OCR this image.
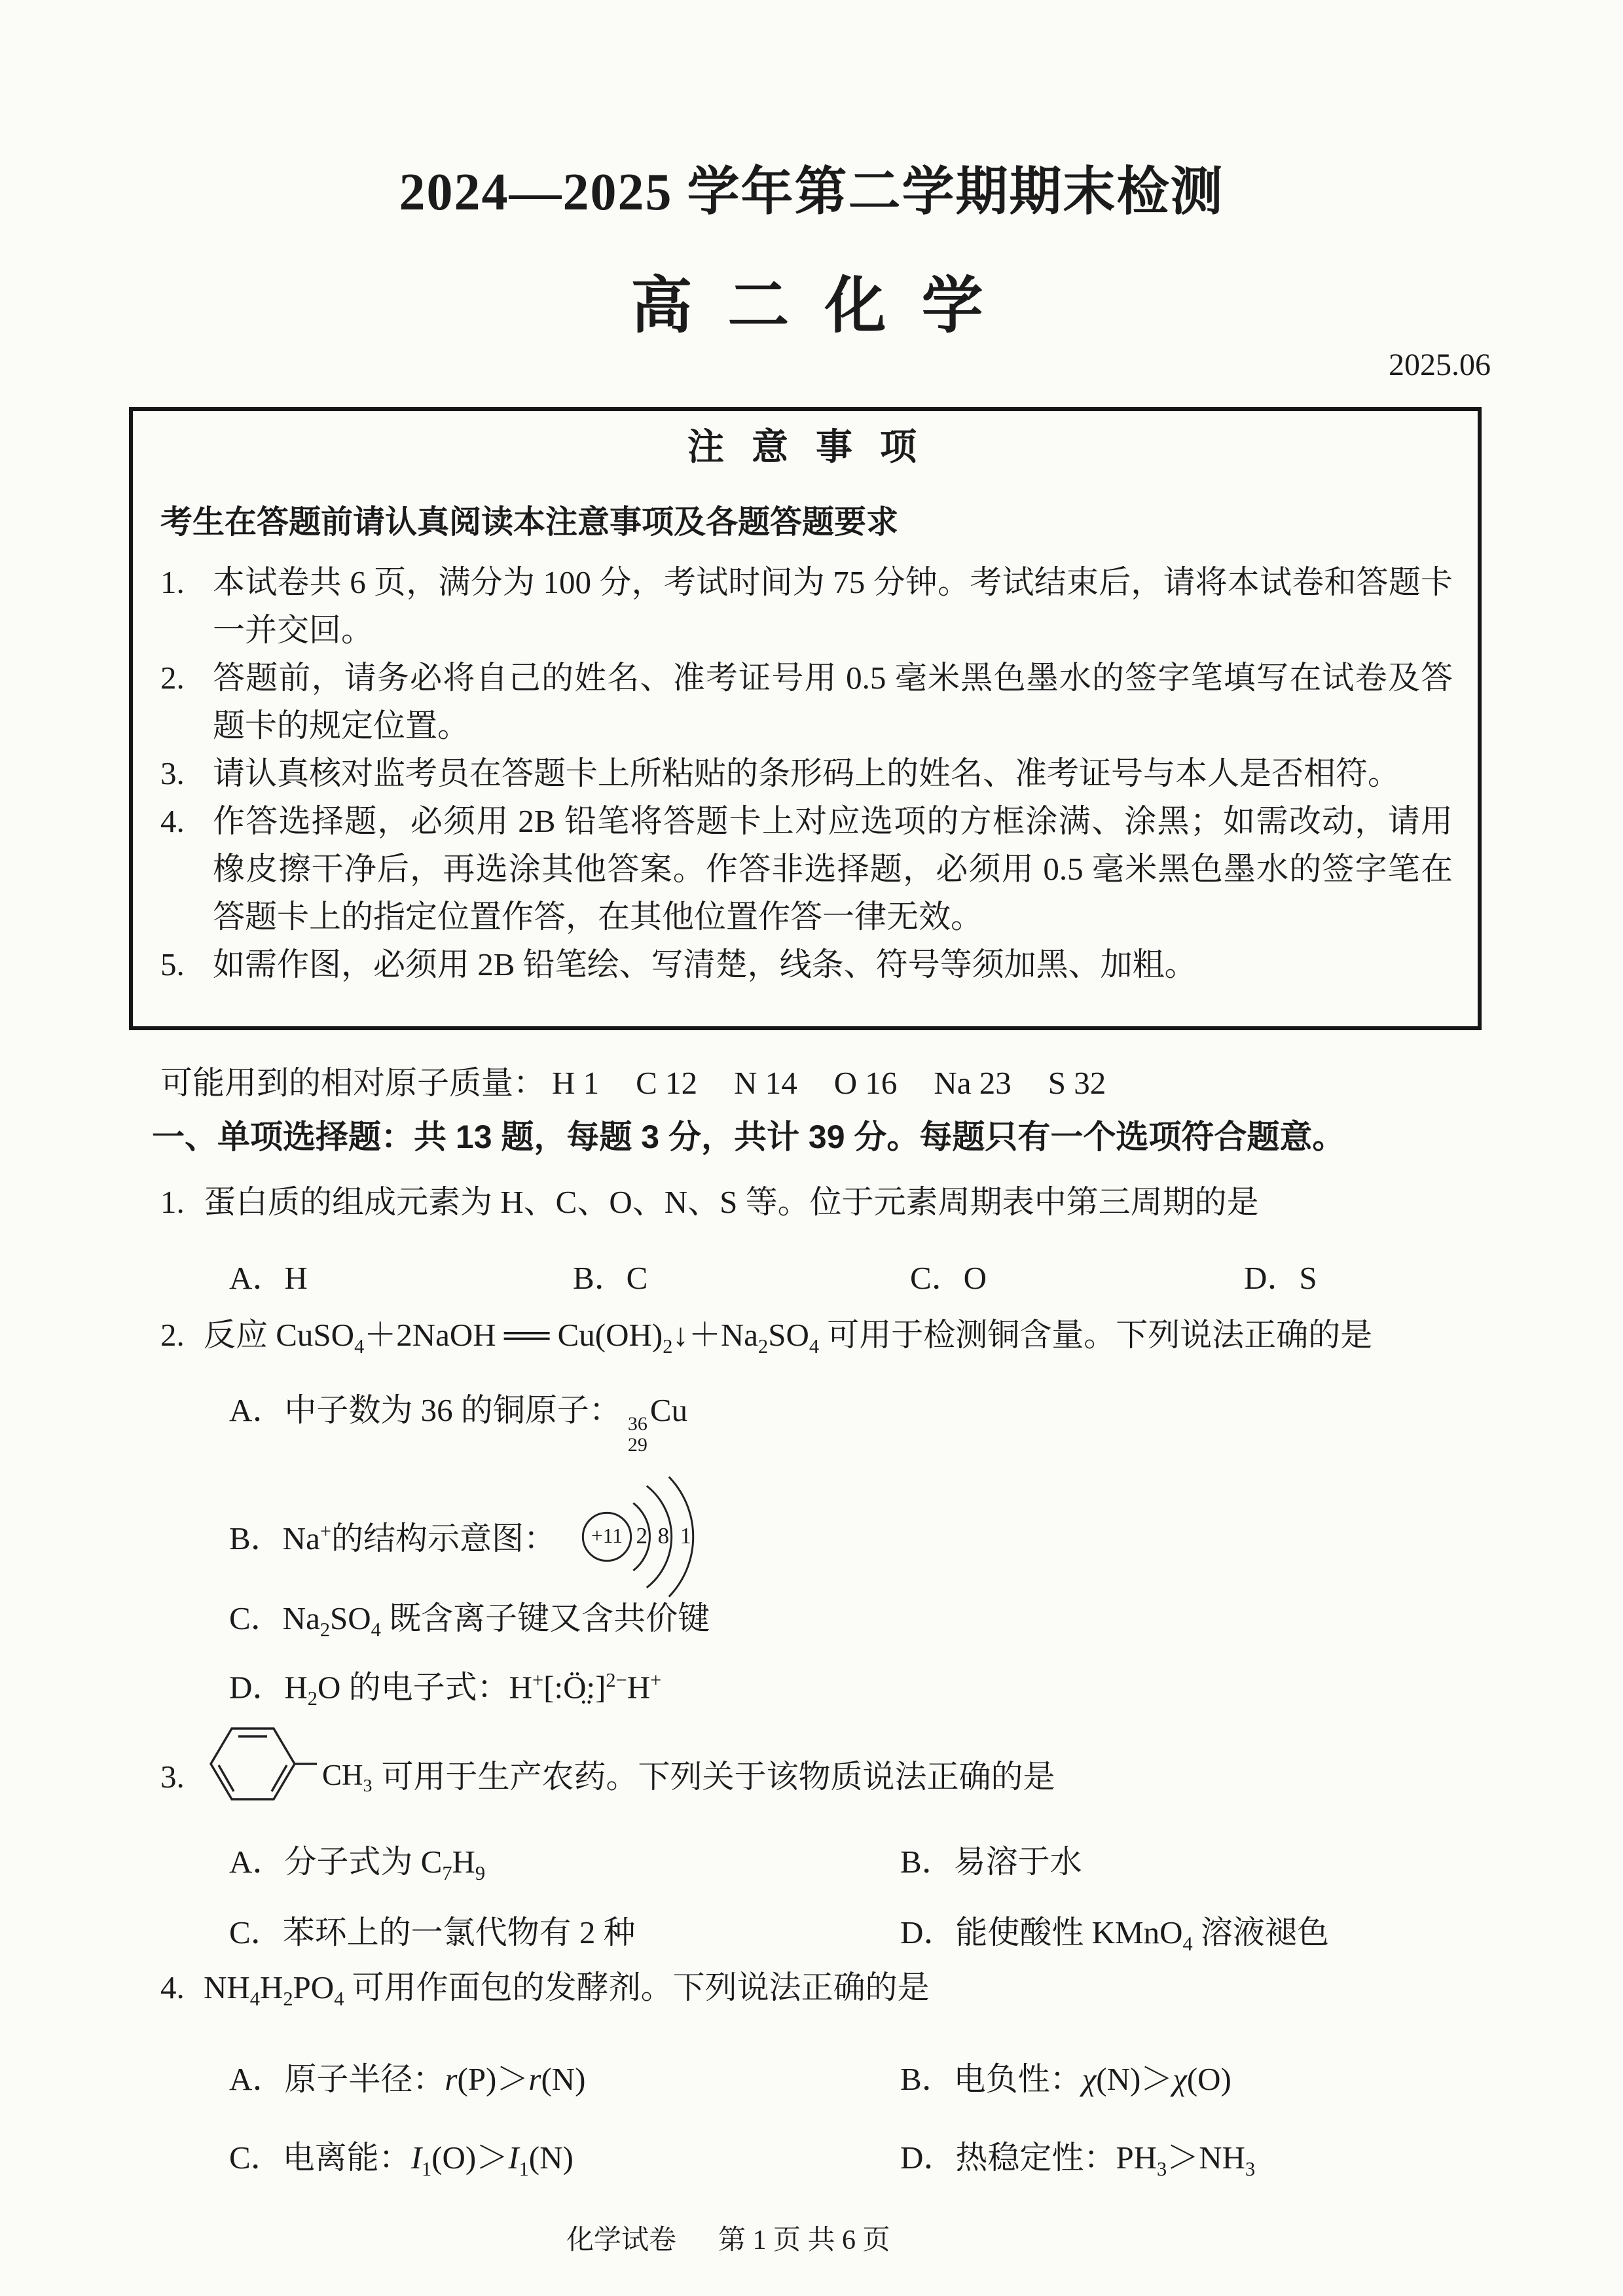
2024—2025 学年第二学期期末检测
高 二 化 学
2025.06
注 意 事 项
考生在答题前请认真阅读本注意事项及各题答题要求
1. 本试卷共 6 页，满分为 100 分，考试时间为 75 分钟。考试结束后，请将本试卷和答题卡一并交回。
2. 答题前，请务必将自己的姓名、准考证号用 0.5 毫米黑色墨水的签字笔填写在试卷及答题卡的规定位置。
3. 请认真核对监考员在答题卡上所粘贴的条形码上的姓名、准考证号与本人是否相符。
4. 作答选择题，必须用 2B 铅笔将答题卡上对应选项的方框涂满、涂黑；如需改动，请用橡皮擦干净后，再选涂其他答案。作答非选择题，必须用 0.5 毫米黑色墨水的签字笔在答题卡上的指定位置作答，在其他位置作答一律无效。
5. 如需作图，必须用 2B 铅笔绘、写清楚，线条、符号等须加黑、加粗。
可能用到的相对原子质量： H 1 C 12 N 14 O 16 Na 23 S 32
一、单项选择题：共 13 题，每题 3 分，共计 39 分。每题只有一个选项符合题意。
1. 蛋白质的组成元素为 H、C、O、N、S 等。位于元素周期表中第三周期的是
A．H	B．C	C．O	D．S
2. 反应 CuSO$_4$＋2NaOH ══ $Cu(OH)_2↓+Na_2SO_4$ 可用于检测铜含量。下列说法正确的是
A．中子数为 36 的铜原子： 36
29
Cu
B．Na+的结构示意图： +11 2 8 1
C．$Na_2SO_4$ 既含离子键又含共价键
D．$H_2O$ 的电子式：H+[:Ö̤:]$^{2-}$H+
3.	$CH_3$ 可用于生产农药。下列关于该物质说法正确的是
A．分子式为 $C_7H_9$	B．易溶于水
C．苯环上的一氯代物有 2 种	D．能使酸性 KMnO$_4$ 溶液褪色
4. $NH_4H_2PO_4$ 可用作面包的发酵剂。下列说法正确的是
A．原子半径：r(P)＞r(N)	B．电负性：χ(N)＞χ(O)
C．电离能：$I_1(O)>I_1(N)$	D．热稳定性：$PH_3>NH_3$
化学试卷 第 1 页 共 6 页
